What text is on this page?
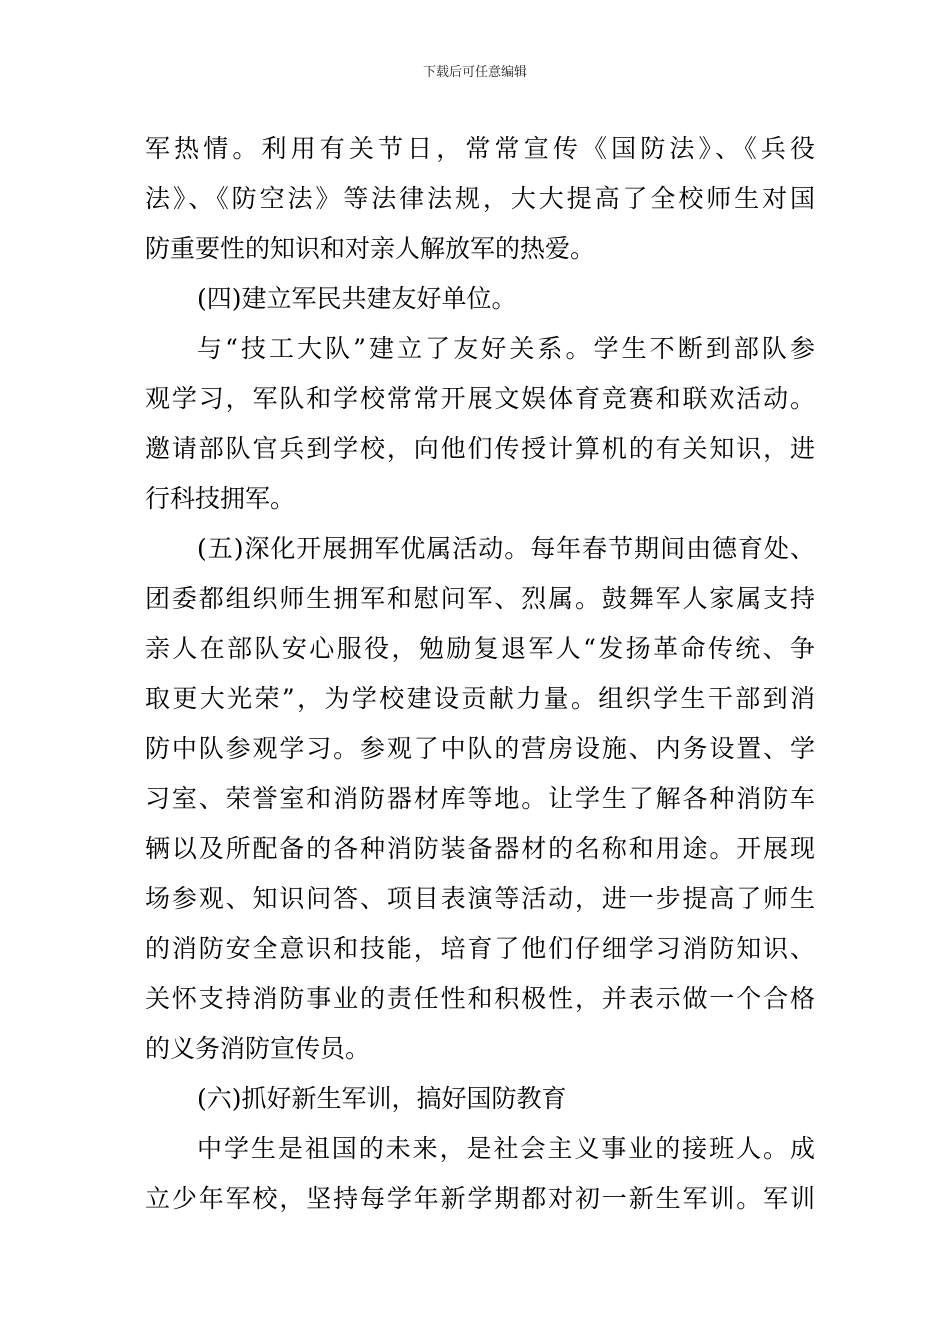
下载后可任意编辑
军热情。利用有关节日，常常宣传《国防法》、《兵役
法》、《防空法》等法律法规，大大提高了全校师生对国
防重要性的知识和对亲人解放军的热爱。
(四)建立军民共建友好单位。
与“技工大队”建立了友好关系。学生不断到部队参
观学习，军队和学校常常开展文娱体育竞赛和联欢活动。
邀请部队官兵到学校，向他们传授计算机的有关知识，进
行科技拥军。
(五)深化开展拥军优属活动。每年春节期间由德育处、
团委都组织师生拥军和慰问军、烈属。鼓舞军人家属支持
亲人在部队安心服役，勉励复退军人“发扬革命传统、争
取更大光荣”，为学校建设贡献力量。组织学生干部到消
防中队参观学习。参观了中队的营房设施、内务设置、学
习室、荣誉室和消防器材库等地。让学生了解各种消防车
辆以及所配备的各种消防装备器材的名称和用途。开展现
场参观、知识问答、项目表演等活动，进一步提高了师生
的消防安全意识和技能，培育了他们仔细学习消防知识、
关怀支持消防事业的责任性和积极性，并表示做一个合格
的义务消防宣传员。
(六)抓好新生军训，搞好国防教育
中学生是祖国的未来，是社会主义事业的接班人。成
立少年军校，坚持每学年新学期都对初一新生军训。军训
